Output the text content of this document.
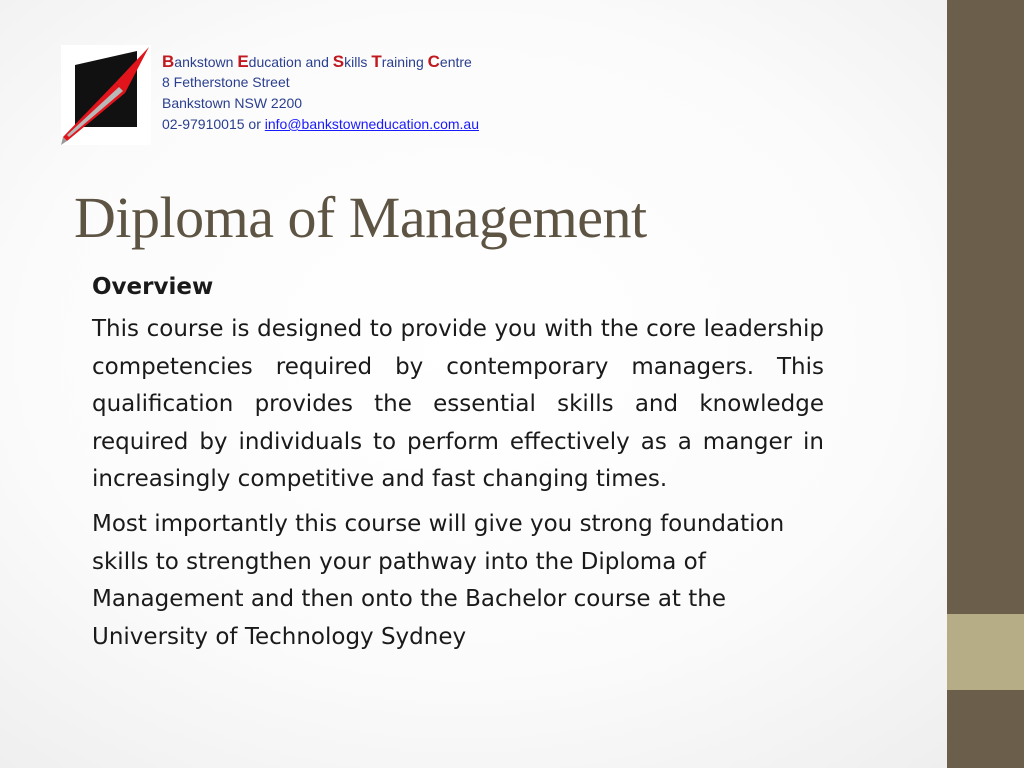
Bankstown Education and Skills Training Centre
8 Fetherstone Street
Bankstown NSW 2200
02-97910015 or info@bankstowneducation.com.au
Diploma of Management

Overview

This course is designed to provide you with the core leadership competencies required by contemporary managers. This qualification provides the essential skills and knowledge required by individuals to perform effectively as a manger in increasingly competitive and fast changing times.

Most importantly this course will give you strong foundation skills to strengthen your pathway into the Diploma of Management and then onto the Bachelor course at the University of Technology Sydney
